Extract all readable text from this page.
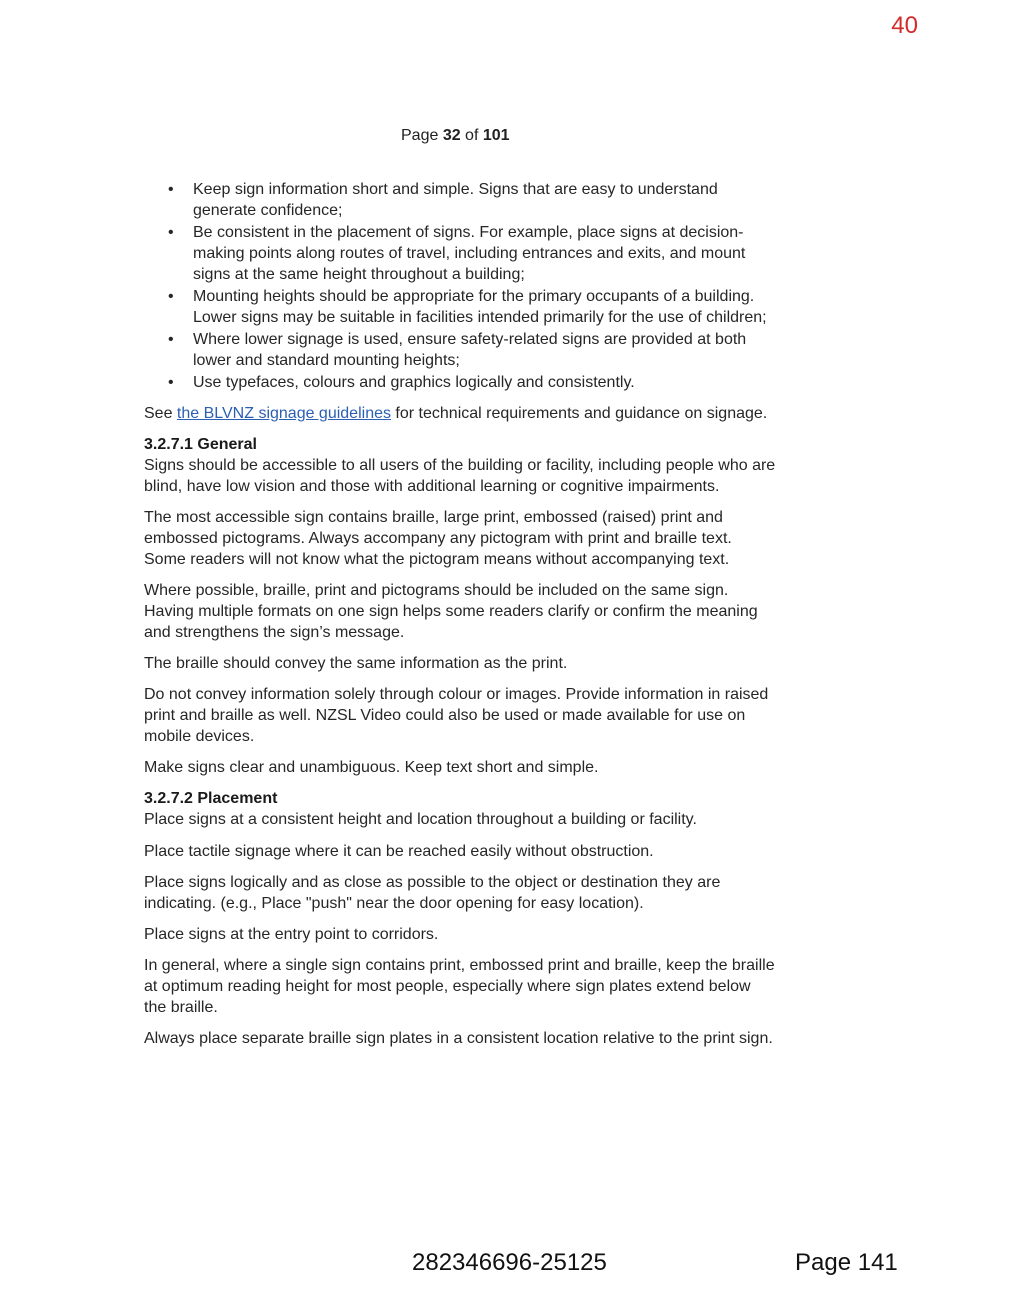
40
Page 32 of 101
• Keep sign information short and simple. Signs that are easy to understand generate confidence;
• Be consistent in the placement of signs. For example, place signs at decision-making points along routes of travel, including entrances and exits, and mount signs at the same height throughout a building;
• Mounting heights should be appropriate for the primary occupants of a building. Lower signs may be suitable in facilities intended primarily for the use of children;
• Where lower signage is used, ensure safety-related signs are provided at both lower and standard mounting heights;
• Use typefaces, colours and graphics logically and consistently.

See the BLVNZ signage guidelines for technical requirements and guidance on signage.

3.2.7.1 General

Signs should be accessible to all users of the building or facility, including people who are blind, have low vision and those with additional learning or cognitive impairments.

The most accessible sign contains braille, large print, embossed (raised) print and embossed pictograms. Always accompany any pictogram with print and braille text. Some readers will not know what the pictogram means without accompanying text.

Where possible, braille, print and pictograms should be included on the same sign. Having multiple formats on one sign helps some readers clarify or confirm the meaning and strengthens the sign’s message.

The braille should convey the same information as the print.

Do not convey information solely through colour or images. Provide information in raised print and braille as well. NZSL Video could also be used or made available for use on mobile devices.

Make signs clear and unambiguous. Keep text short and simple.

3.2.7.2 Placement

Place signs at a consistent height and location throughout a building or facility.

Place tactile signage where it can be reached easily without obstruction.

Place signs logically and as close as possible to the object or destination they are indicating. (e.g., Place "push" near the door opening for easy location).

Place signs at the entry point to corridors.

In general, where a single sign contains print, embossed print and braille, keep the braille at optimum reading height for most people, especially where sign plates extend below the braille.

Always place separate braille sign plates in a consistent location relative to the print sign.

282346696-25125	Page 141
